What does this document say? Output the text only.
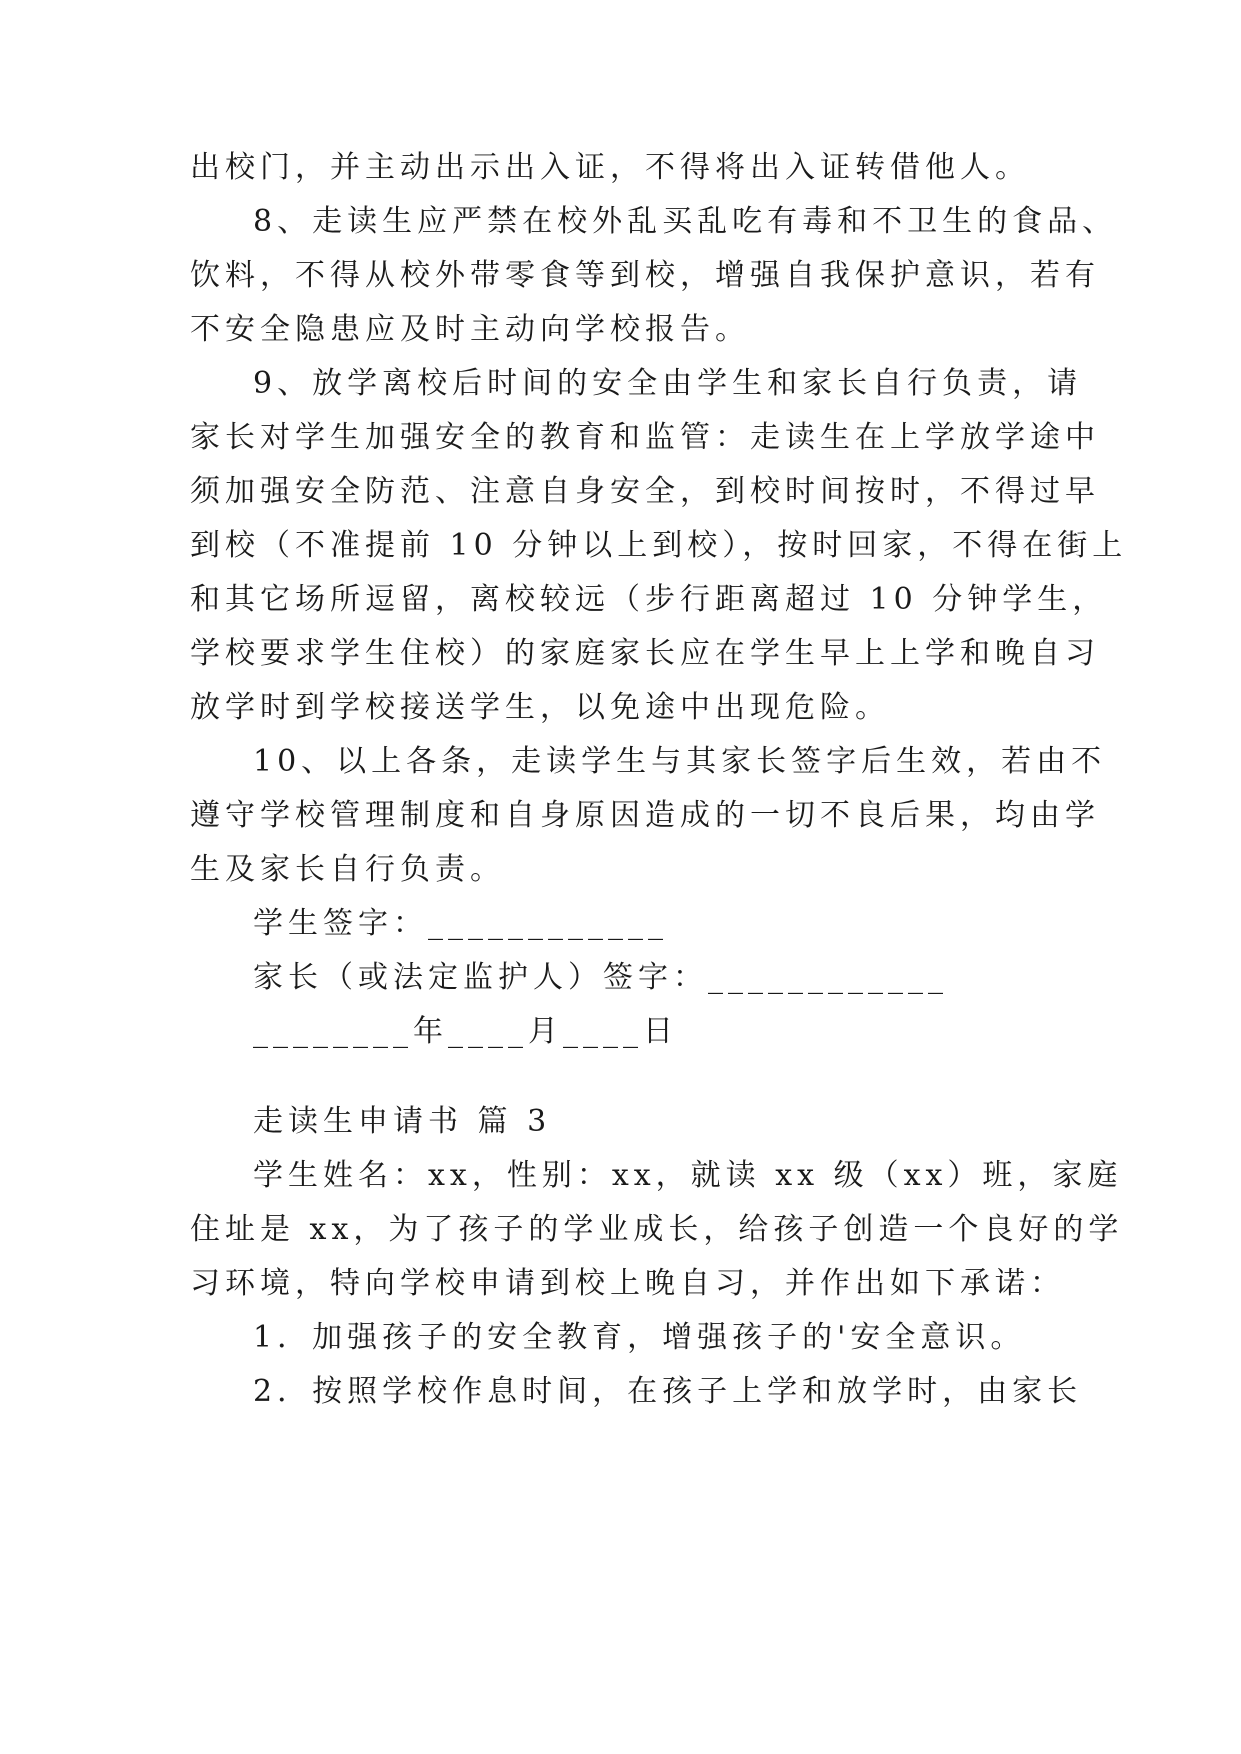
出校门，并主动出示出入证，不得将出入证转借他人。
8、走读生应严禁在校外乱买乱吃有毒和不卫生的食品、
饮料，不得从校外带零食等到校，增强自我保护意识，若有
不安全隐患应及时主动向学校报告。
9、放学离校后时间的安全由学生和家长自行负责，请
家长对学生加强安全的教育和监管：走读生在上学放学途中
须加强安全防范、注意自身安全，到校时间按时，不得过早
到校（不准提前 10 分钟以上到校），按时回家，不得在街上
和其它场所逗留，离校较远（步行距离超过 10 分钟学生，
学校要求学生住校）的家庭家长应在学生早上上学和晚自习
放学时到学校接送学生，以免途中出现危险。
10、以上各条，走读学生与其家长签字后生效，若由不
遵守学校管理制度和自身原因造成的一切不良后果，均由学
生及家长自行负责。
学生签字：____________
家长（或法定监护人）签字：____________
________年____月____日
走读生申请书 篇 3
学生姓名：xx，性别：xx，就读 xx 级（xx）班，家庭
住址是 xx，为了孩子的学业成长，给孩子创造一个良好的学
习环境，特向学校申请到校上晚自习，并作出如下承诺：
1．加强孩子的安全教育，增强孩子的'安全意识。
2．按照学校作息时间，在孩子上学和放学时，由家长
